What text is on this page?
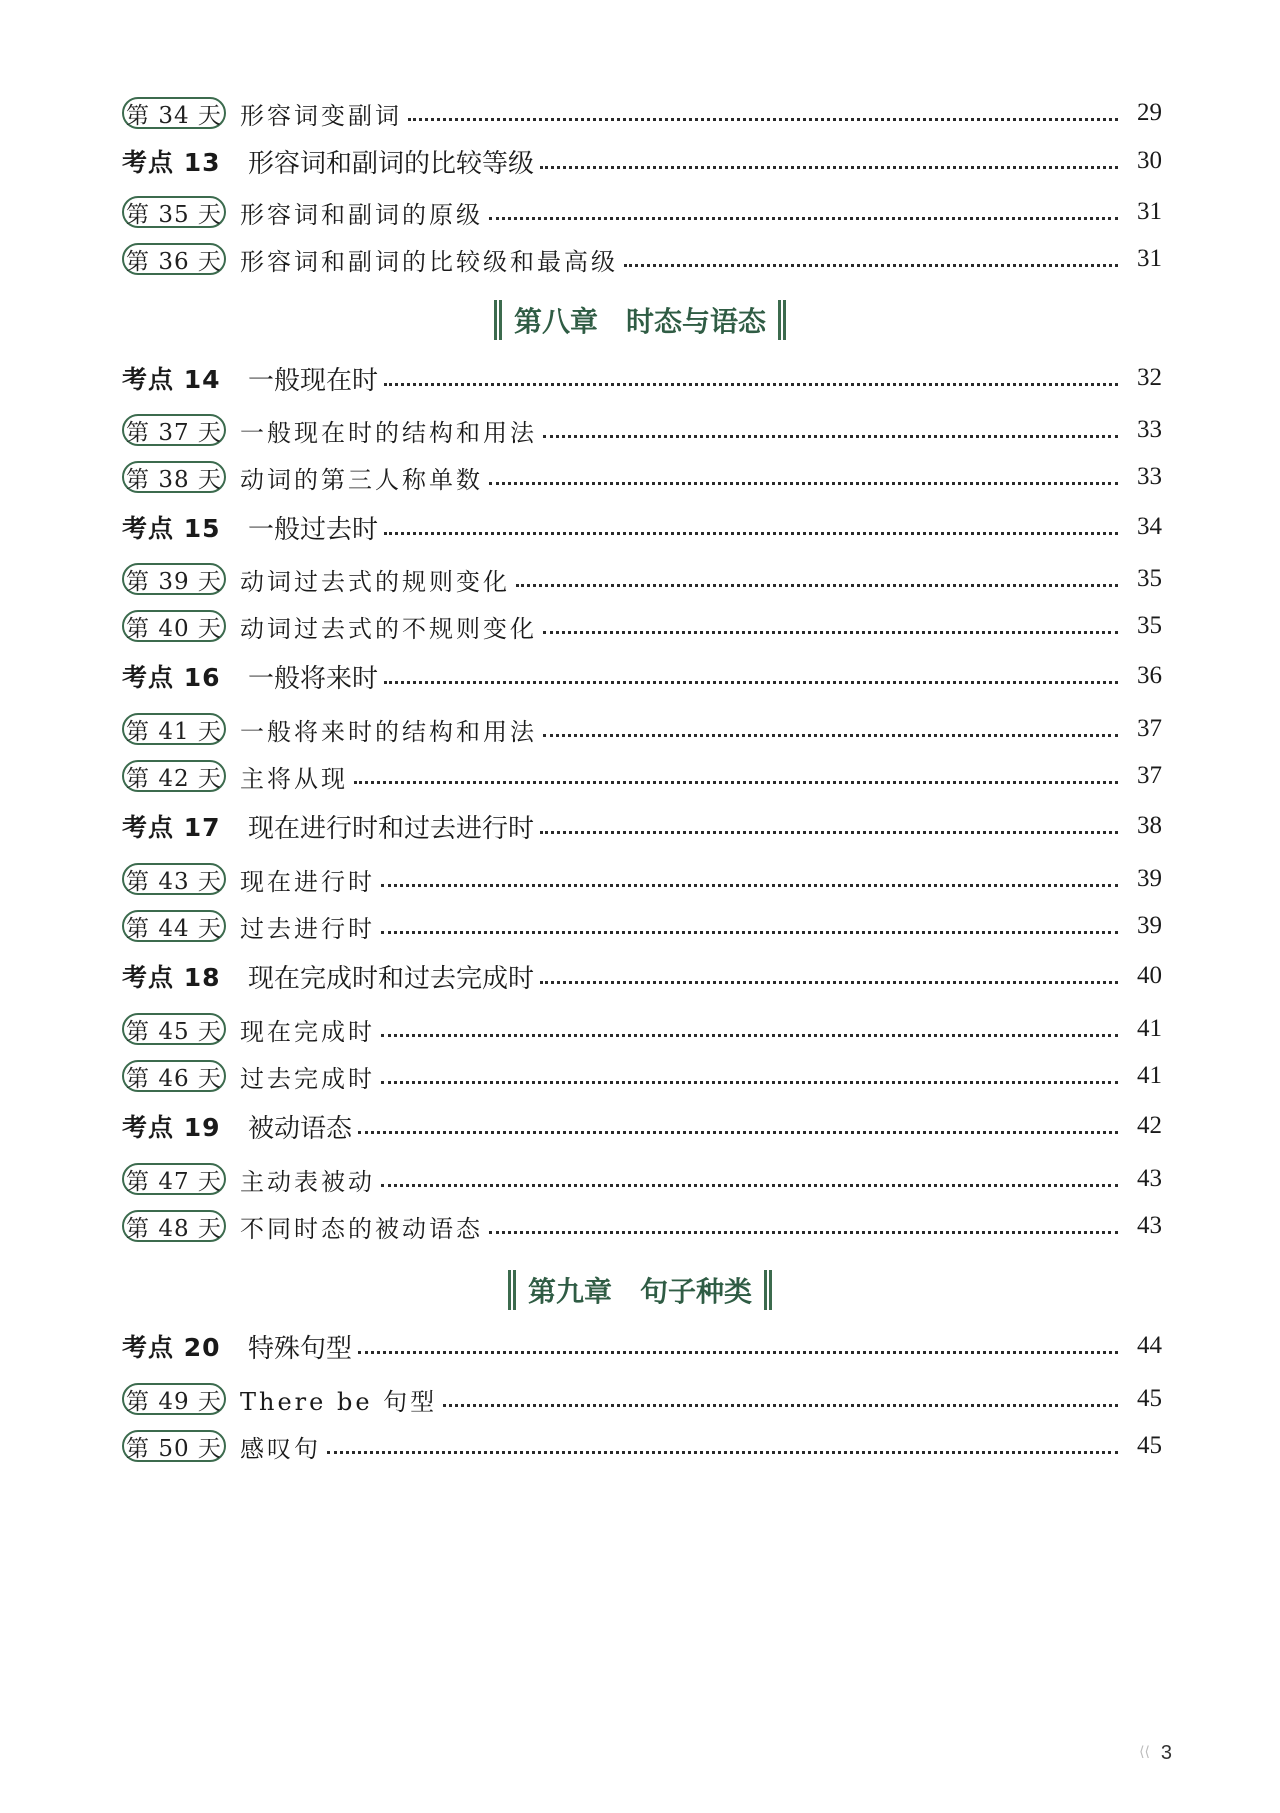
第 34 天 形容词变副词	29
考点 13	形容词和副词的比较等级	30
第 35 天 形容词和副词的原级	31
第 36 天 形容词和副词的比较级和最高级	31
第八章 时态与语态
考点 14	一般现在时	32
第 37 天 一般现在时的结构和用法	33
第 38 天 动词的第三人称单数	33
考点 15	一般过去时	34
第 39 天 动词过去式的规则变化	35
第 40 天 动词过去式的不规则变化	35
考点 16	一般将来时	36
第 41 天 一般将来时的结构和用法	37
第 42 天 主将从现	37
考点 17	现在进行时和过去进行时	38
第 43 天 现在进行时	39
第 44 天 过去进行时	39
考点 18	现在完成时和过去完成时	40
第 45 天 现在完成时	41
第 46 天 过去完成时	41
考点 19	被动语态	42
第 47 天 主动表被动	43
第 48 天 不同时态的被动语态	43
第九章 句子种类
考点 20	特殊句型	44
第 49 天 There be 句型	45
第 50 天 感叹句	45
⟨⟨ 3
